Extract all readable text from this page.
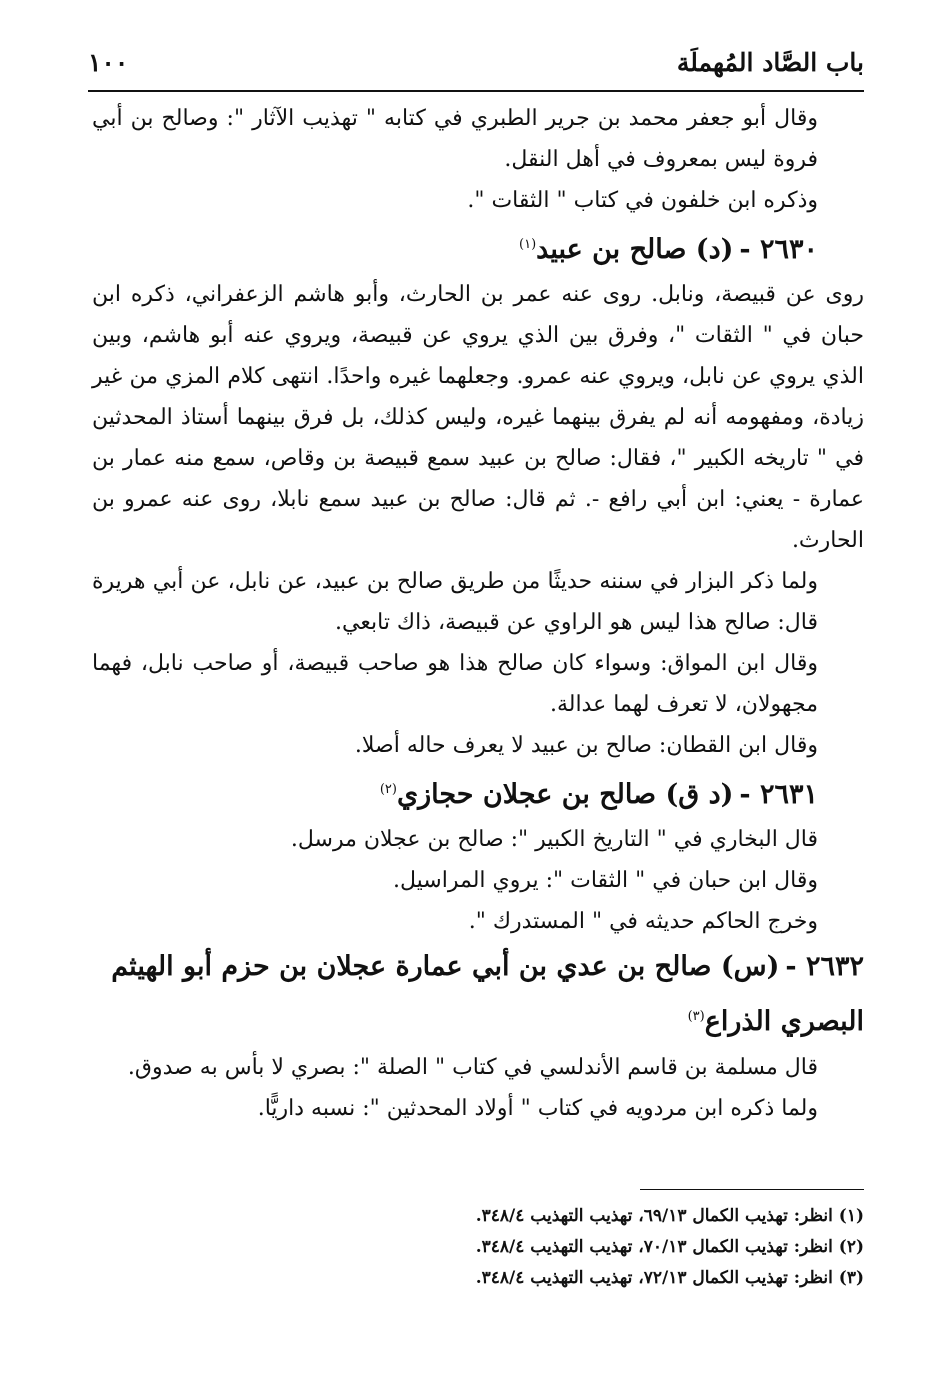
باب الصَّاد المُهملَة
١٠٠

وقال أبو جعفر محمد بن جرير الطبري في كتابه " تهذيب الآثار ": وصالح بن أبي فروة ليس بمعروف في أهل النقل.

وذكره ابن خلفون في كتاب " الثقات ".

٢٦٣٠ -(د) صالح بن عبيد$^{(١)}$

روى عن قبيصة، ونابل. روى عنه عمر بن الحارث، وأبو هاشم الزعفراني، ذكره ابن حبان في " الثقات "، وفرق بين الذي يروي عن قبيصة، ويروي عنه أبو هاشم، وبين الذي يروي عن نابل، ويروي عنه عمرو. وجعلهما غيره واحدًا. انتهى كلام المزي من غير زيادة، ومفهومه أنه لم يفرق بينهما غيره، وليس كذلك، بل فرق بينهما أستاذ المحدثين في " تاريخه الكبير "، فقال: صالح بن عبيد سمع قبيصة بن وقاص، سمع منه عمار بن عمارة - يعني: ابن أبي رافع -. ثم قال: صالح بن عبيد سمع نابلا، روى عنه عمرو بن الحارث.

ولما ذكر البزار في سننه حديثًا من طريق صالح بن عبيد، عن نابل، عن أبي هريرة قال: صالح هذا ليس هو الراوي عن قبيصة، ذاك تابعي.

وقال ابن المواق: وسواء كان صالح هذا هو صاحب قبيصة، أو صاحب نابل، فهما مجهولان، لا تعرف لهما عدالة.

وقال ابن القطان: صالح بن عبيد لا يعرف حاله أصلا.

٢٦٣١ -(د ق) صالح بن عجلان حجازي$^{(٢)}$

قال البخاري في " التاريخ الكبير ": صالح بن عجلان مرسل.

وقال ابن حبان في " الثقات ": يروي المراسيل.

وخرج الحاكم حديثه في " المستدرك ".

٢٦٣٢ -(س) صالح بن عدي بن أبي عمارة عجلان بن حزم أبو الهيثم البصري الذراع$^{(٣)}$

قال مسلمة بن قاسم الأندلسي في كتاب " الصلة ": بصري لا بأس به صدوق.

ولما ذكره ابن مردويه في كتاب " أولاد المحدثين ": نسبه داريًّا.

(١) انظر: تهذيب الكمال ٦٩/١٣، تهذيب التهذيب ٣٤٨/٤.

(٢) انظر: تهذيب الكمال ٧٠/١٣، تهذيب التهذيب ٣٤٨/٤.

(٣) انظر: تهذيب الكمال ٧٢/١٣، تهذيب التهذيب ٣٤٨/٤.
